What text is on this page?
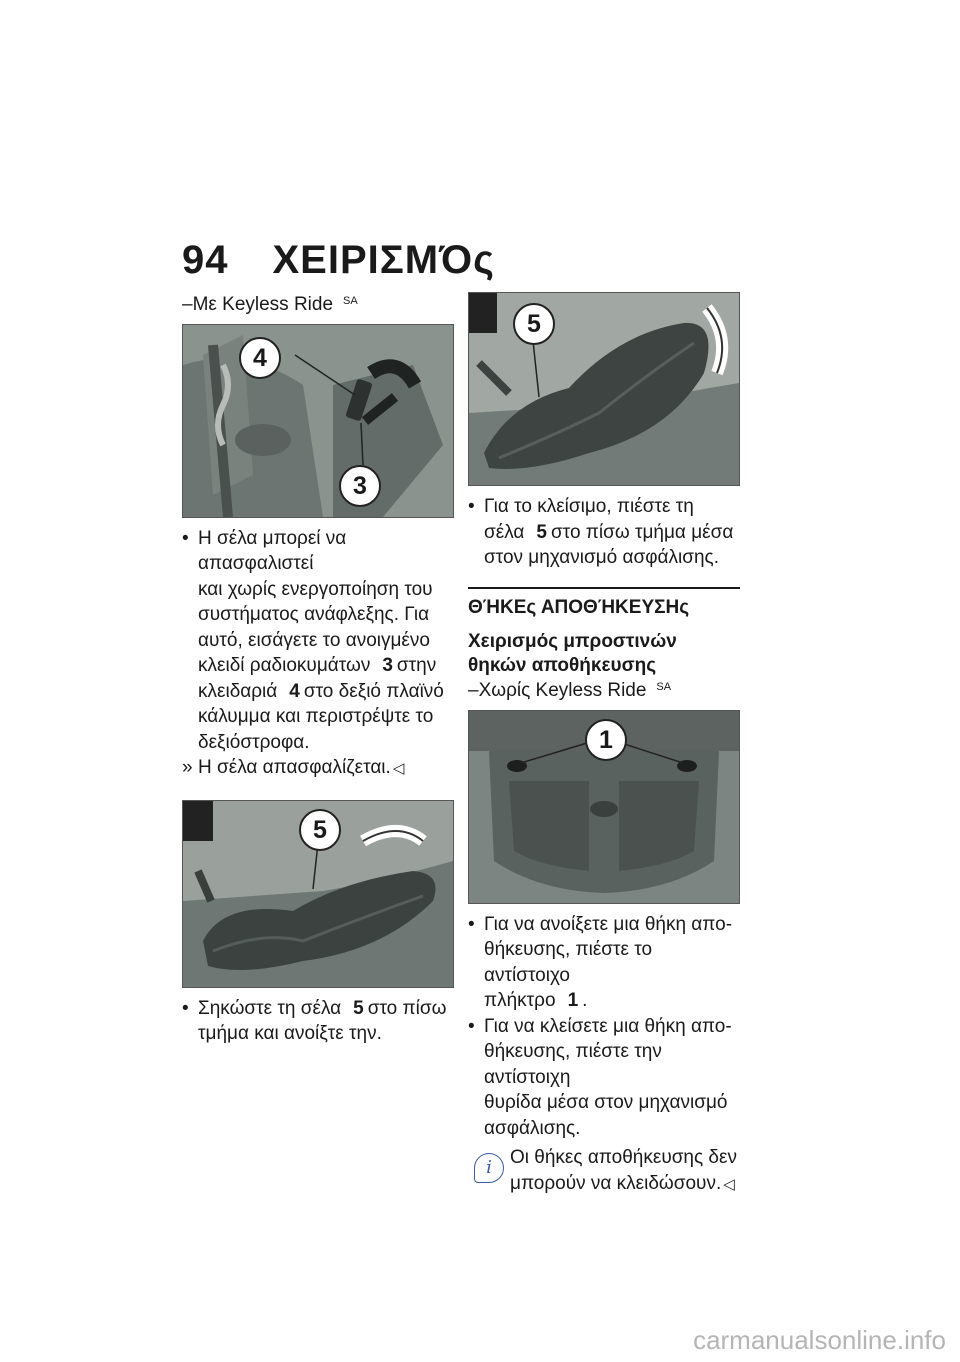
94 ΧΕΙΡΙΣΜΌς
–Με Keyless Ride $^{SA}$
4
3

• Η σέλα μπορεί να απασφαλιστεί
και χωρίς ενεργοποίηση του
συστήματος ανάφλεξης. Για
αυτό, εισάγετε το ανοιγμένο
κλειδί ραδιοκυμάτων 3 στην
κλειδαριά 4 στο δεξιό πλαϊνό
κάλυμμα και περιστρέψτε το
δεξιόστροφα.

» Η σέλα απασφαλίζεται. ◁

5

• Σηκώστε τη σέλα 5 στο πίσω
τμήμα και ανοίξτε την.

5

• Για το κλείσιμο, πιέστε τη
σέλα 5 στο πίσω τμήμα μέσα
στον μηχανισμό ασφάλισης.

ΘΉΚΕς ΑΠΟΘΉΚΕΥΣΗς
Χειρισμός μπροστινών
θηκών αποθήκευσης
–Χωρίς Keyless Ride $^{SA}$
1

• Για να ανοίξετε μια θήκη απο-
θήκευσης, πιέστε το αντίστοιχο
πλήκτρο 1 .

• Για να κλείσετε μια θήκη απο-
θήκευσης, πιέστε την αντίστοιχη
θυρίδα μέσα στον μηχανισμό
ασφάλισης.

i Οι θήκες αποθήκευσης δεν
μπορούν να κλειδώσουν. ◁
carmanualsonline.info
